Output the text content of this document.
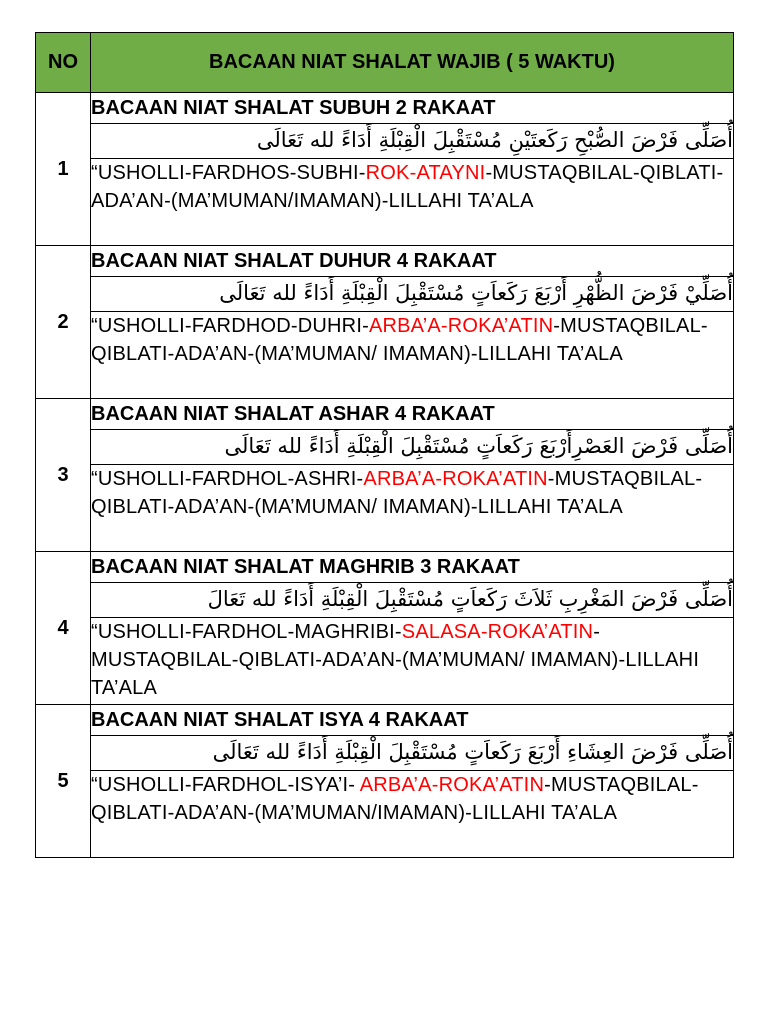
NO	BACAAN NIAT SHALAT WAJIB ( 5 WAKTU)
1	BACAAN NIAT SHALAT SUBUH 2 RAKAAT
	أُصَلِّى فَرْضَ الصُّبْحِ رَكَعتَيْنِ مُسْتَقْبِلَ الْقِبْلَةِ أَدَاءً لله تَعَالَى
	“USHOLLI-FARDHOS-SUBHI-ROK-ATAYNI-MUSTAQBILAL-QIBLATI-ADA’AN-(MA’MUMAN/IMAMAN)-LILLAHI TA’ALA
2	BACAAN NIAT SHALAT DUHUR 4 RAKAAT
	أُصَلِّيْ فَرْضَ الظُّهْرِ أَرْبَعَ رَكَعاَتٍ مُسْتَقْبِلَ الْقِبْلَةِ أَدَاءً لله تَعَالَى
	“USHOLLI-FARDHOD-DUHRI-ARBA’A-ROKA’ATIN-MUSTAQBILAL-QIBLATI-ADA’AN-(MA’MUMAN/ IMAMAN)-LILLAHI TA’ALA
3	BACAAN NIAT SHALAT ASHAR 4 RAKAAT
	أُصَلِّى فَرْضَ العَصْرِأَرْبَعَ رَكَعاَتٍ مُسْتَقْبِلَ الْقِبْلَةِ أَدَاءً لله تَعَالَى
	“USHOLLI-FARDHOL-ASHRI-ARBA’A-ROKA’ATIN-MUSTAQBILAL-QIBLATI-ADA’AN-(MA’MUMAN/ IMAMAN)-LILLAHI TA’ALA
4	BACAAN NIAT SHALAT MAGHRIB 3 RAKAAT
	أُصَلِّى فَرْضَ المَغْرِبِ ثَلاَثَ رَكَعاَتٍ مُسْتَقْبِلَ الْقِبْلَةِ أَدَاءً لله تَعَالَ
	“USHOLLI-FARDHOL-MAGHRIBI-SALASA-ROKA’ATIN-MUSTAQBILAL-QIBLATI-ADA’AN-(MA’MUMAN/ IMAMAN)-LILLAHI TA’ALA
5	BACAAN NIAT SHALAT ISYA 4 RAKAAT
	أُصَلِّى فَرْضَ العِشَاءِ أَرْبَعَ رَكَعاَتٍ مُسْتَقْبِلَ الْقِبْلَةِ أَدَاءً لله تَعَالَى
	“USHOLLI-FARDHOL-ISYA’I- ARBA’A-ROKA’ATIN-MUSTAQBILAL-QIBLATI-ADA’AN-(MA’MUMAN/IMAMAN)-LILLAHI TA’ALA
